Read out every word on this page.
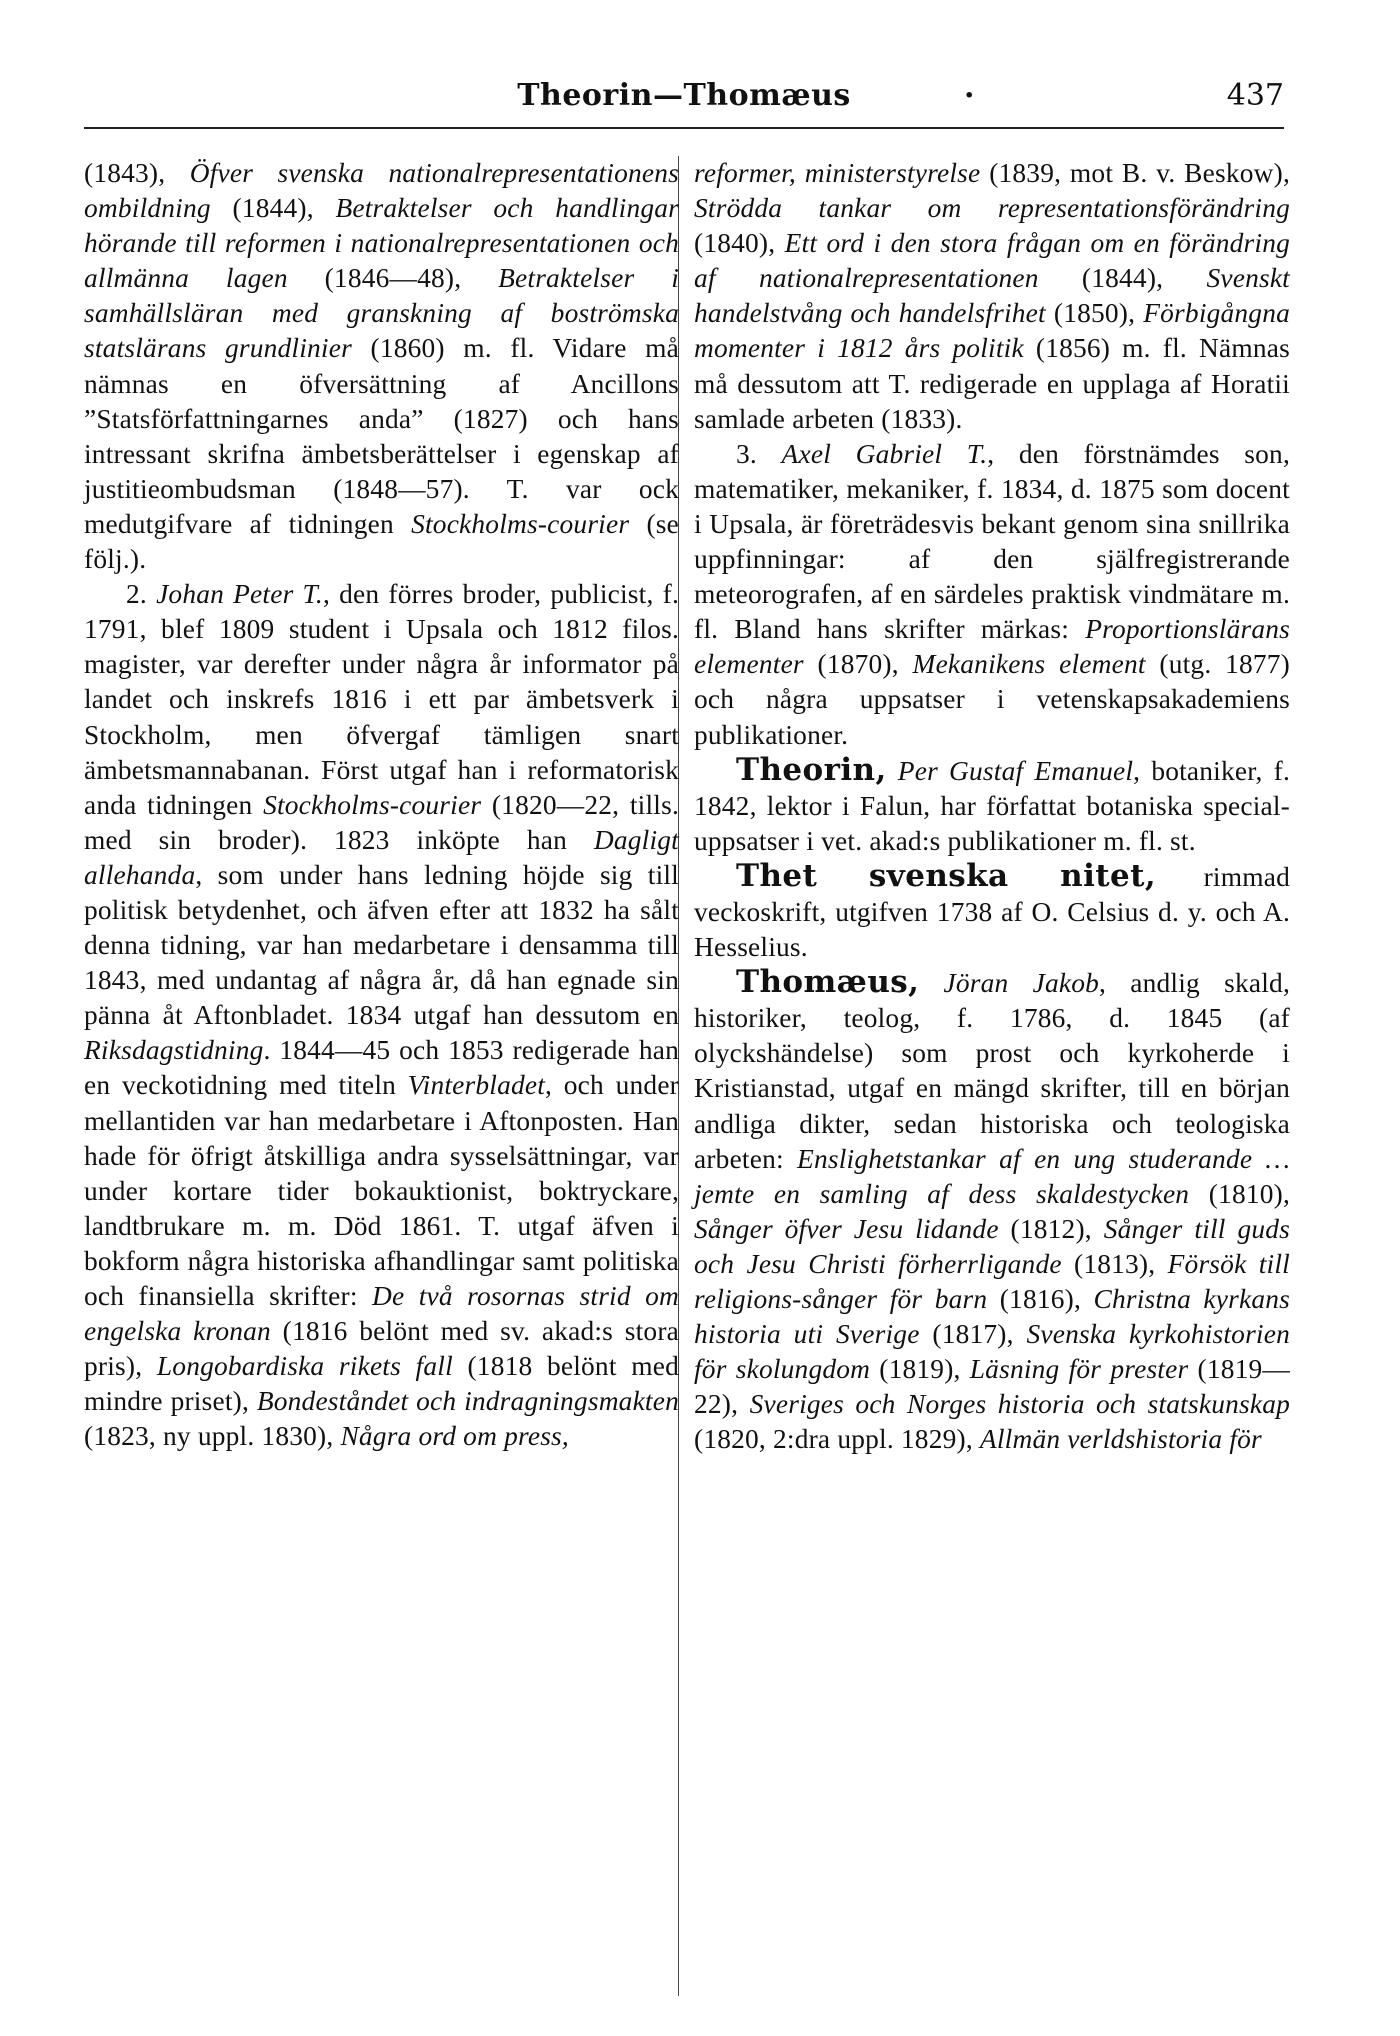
Theorin—Thomæus	·	437

(1843), Öfver svenska nationalrepresentationens ombildning (1844), Betraktelser och handlingar hörande till reformen i nationalrepresentationen och allmänna lagen (1846—48), Betraktelser i samhällsläran med granskning af boströmska statslärans grundlinier (1860) m. fl. Vidare må nämnas en öfversättning af Ancillons ”Statsförfattningarnes anda” (1827) och hans intressant skrifna ämbetsberättelser i egenskap af justitieombudsman (1848—57). T. var ock medutgifvare af tidningen Stockholms-courier (se följ.).

2. Johan Peter T., den förres broder, publicist, f. 1791, blef 1809 student i Upsala och 1812 filos. magister, var derefter under några år informator på landet och inskrefs 1816 i ett par ämbetsverk i Stockholm, men öfvergaf tämligen snart ämbetsmannabanan. Först utgaf han i reformatorisk anda tidningen Stockholms-courier (1820—22, tills. med sin broder). 1823 inköpte han Dagligt allehanda, som under hans ledning höjde sig till politisk betydenhet, och äfven efter att 1832 ha sålt denna tidning, var han medarbetare i densamma till 1843, med undantag af några år, då han egnade sin pänna åt Aftonbladet. 1834 utgaf han dessutom en Riksdagstidning. 1844—45 och 1853 redigerade han en veckotidning med titeln Vinterbladet, och under mellantiden var han medarbetare i Aftonposten. Han hade för öfrigt åtskilliga andra sysselsättningar, var under kortare tider bokauktionist, boktryckare, landtbrukare m. m. Död 1861. T. utgaf äfven i bokform några historiska afhandlingar samt politiska och finansiella skrifter: De två rosornas strid om engelska kronan (1816 belönt med sv. akad:s stora pris), Longobardiska rikets fall (1818 belönt med mindre priset), Bondeståndet och indragningsmakten (1823, ny uppl. 1830), Några ord om press,

reformer, ministerstyrelse (1839, mot B. v. Beskow), Strödda tankar om representationsförändring (1840), Ett ord i den stora frågan om en förändring af nationalrepresentationen (1844), Svenskt handelstvång och handelsfrihet (1850), Förbigångna momenter i 1812 års politik (1856) m. fl. Nämnas må dessutom att T. redigerade en upplaga af Horatii samlade arbeten (1833).

3. Axel Gabriel T., den förstnämdes son, matematiker, mekaniker, f. 1834, d. 1875 som docent i Upsala, är företrädesvis bekant genom sina snillrika uppfinningar: af den själfregistrerande meteorografen, af en särdeles praktisk vindmätare m. fl. Bland hans skrifter märkas: Proportionslärans elementer (1870), Mekanikens element (utg. 1877) och några uppsatser i vetenskapsakademiens publikationer.

Theorin, Per Gustaf Emanuel, botaniker, f. 1842, lektor i Falun, har författat botaniska special-uppsatser i vet. akad:s publikationer m. fl. st.

Thet svenska nitet, rimmad veckoskrift, utgifven 1738 af O. Celsius d. y. och A. Hesselius.

Thomæus, Jöran Jakob, andlig skald, historiker, teolog, f. 1786, d. 1845 (af olyckshändelse) som prost och kyrkoherde i Kristianstad, utgaf en mängd skrifter, till en början andliga dikter, sedan historiska och teologiska arbeten: Enslighetstankar af en ung studerande … jemte en samling af dess skaldestycken (1810), Sånger öfver Jesu lidande (1812), Sånger till guds och Jesu Christi förherrligande (1813), Försök till religions-sånger för barn (1816), Christna kyrkans historia uti Sverige (1817), Svenska kyrkohistorien för skolungdom (1819), Läsning för prester (1819—22), Sveriges och Norges historia och statskunskap (1820, 2:dra uppl. 1829), Allmän verldshistoria för
